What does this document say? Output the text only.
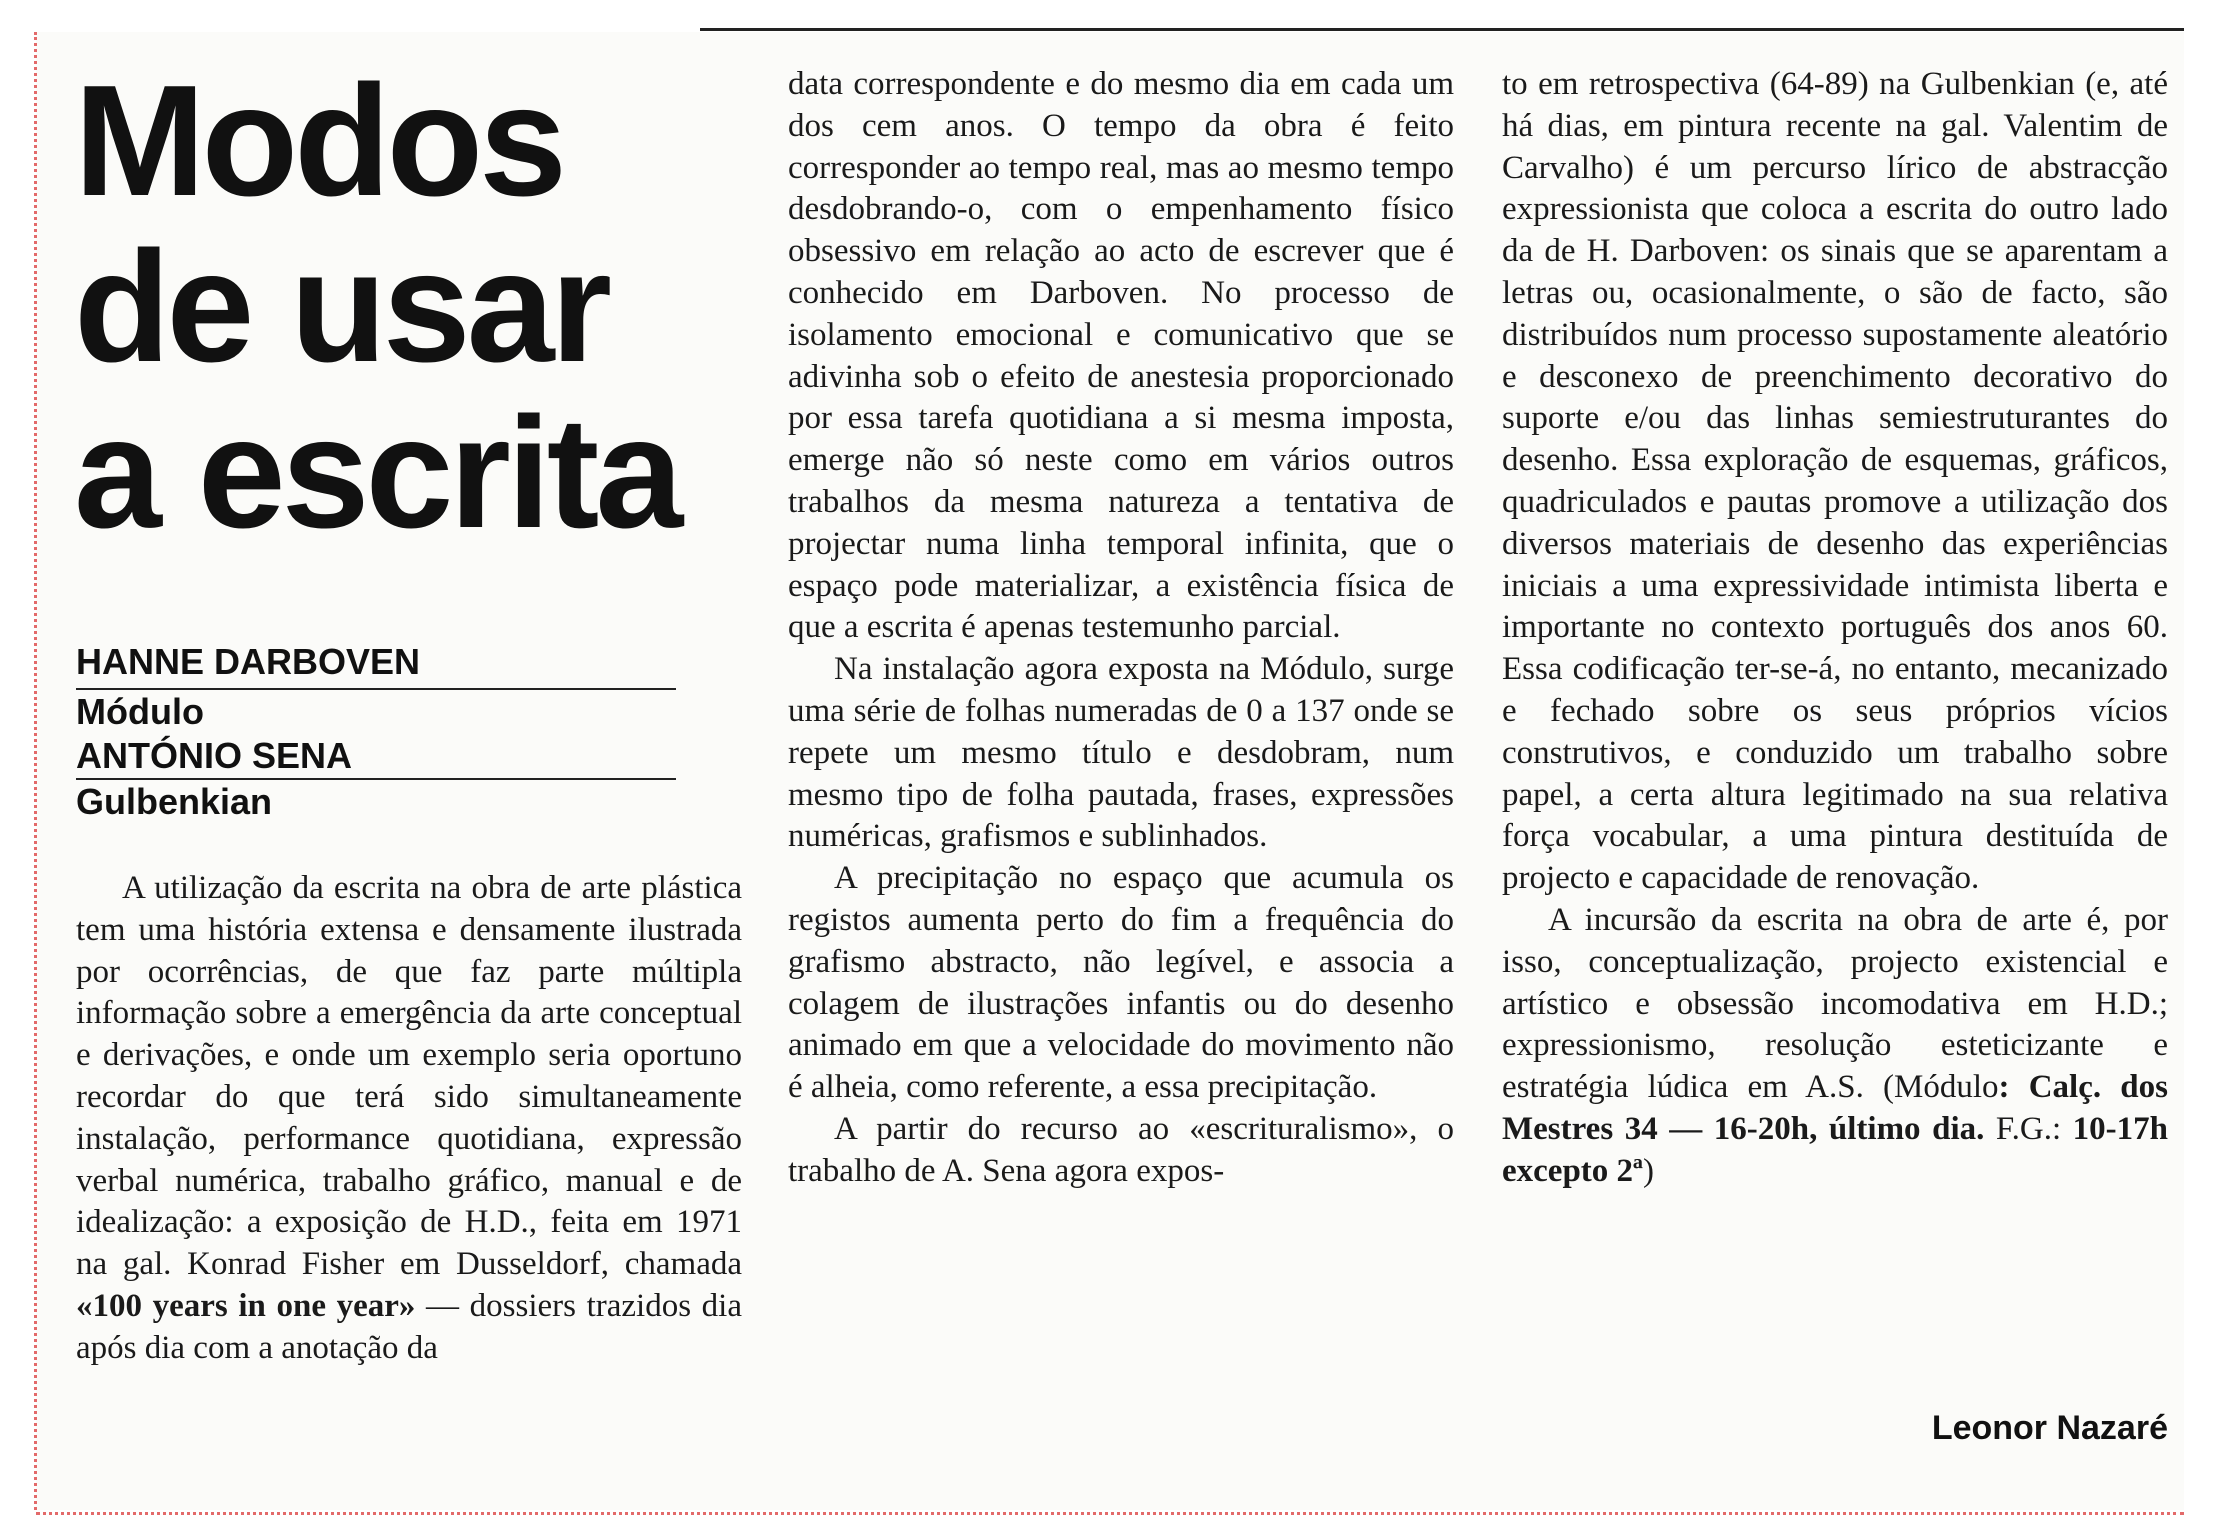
Modos
de usar
a escrita
HANNE DARBOVEN
Módulo
ANTÓNIO SENA
Gulbenkian

A utilização da escrita na obra de arte plástica tem uma história extensa e densamente ilustrada por ocorrências, de que faz parte múltipla informação sobre a emergência da arte conceptual e derivações, e onde um exemplo seria oportuno recordar do que terá sido simultaneamente instalação, performance quotidiana, expressão verbal numérica, trabalho gráfico, manual e de idealização: a exposição de H.D., feita em 1971 na gal. Konrad Fisher em Dusseldorf, chamada «100 years in one year» — dossiers trazidos dia após dia com a anotação da

data correspondente e do mesmo dia em cada um dos cem anos. O tempo da obra é feito corresponder ao tempo real, mas ao mesmo tempo desdobrando-o, com o empenhamento físico obsessivo em relação ao acto de escrever que é conhecido em Darboven. No processo de isolamento emocional e comunicativo que se adivinha sob o efeito de anestesia proporcionado por essa tarefa quotidiana a si mesma imposta, emerge não só neste como em vários outros trabalhos da mesma natureza a tentativa de projectar numa linha temporal infinita, que o espaço pode materializar, a existência física de que a escrita é apenas testemunho parcial.

Na instalação agora exposta na Módulo, surge uma série de folhas numeradas de 0 a 137 onde se repete um mesmo título e desdobram, num mesmo tipo de folha pautada, frases, expressões numéricas, grafismos e sublinhados.

A precipitação no espaço que acumula os registos aumenta perto do fim a frequência do grafismo abstracto, não legível, e associa a colagem de ilustrações infantis ou do desenho animado em que a velocidade do movimento não é alheia, como referente, a essa precipitação.

A partir do recurso ao «escrituralismo», o trabalho de A. Sena agora expos-

to em retrospectiva (64-89) na Gulbenkian (e, até há dias, em pintura recente na gal. Valentim de Carvalho) é um percurso lírico de abstracção expressionista que coloca a escrita do outro lado da de H. Darboven: os sinais que se aparentam a letras ou, ocasionalmente, o são de facto, são distribuídos num processo supostamente aleatório e desconexo de preenchimento decorativo do suporte e/ou das linhas semiestruturantes do desenho. Essa exploração de esquemas, gráficos, quadriculados e pautas promove a utilização dos diversos materiais de desenho das experiências iniciais a uma expressividade intimista liberta e importante no contexto português dos anos 60. Essa codificação ter-se-á, no entanto, mecanizado e fechado sobre os seus próprios vícios construtivos, e conduzido um trabalho sobre papel, a certa altura legitimado na sua relativa força vocabular, a uma pintura destituída de projecto e capacidade de renovação.

A incursão da escrita na obra de arte é, por isso, conceptualização, projecto existencial e artístico e obsessão incomodativa em H.D.; expressionismo, resolução esteticizante e estratégia lúdica em A.S. (Módulo: Calç. dos Mestres 34 — 16-20h, último dia. F.G.: 10-17h excepto 2ª)

Leonor Nazaré
